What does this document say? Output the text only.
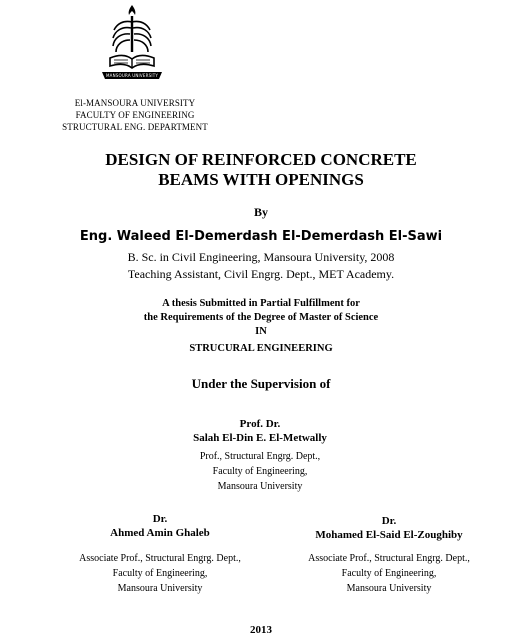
MANSOURA UNIVERSITY
El-MANSOURA UNIVERSITY
FACULTY OF ENGINEERING
STRUCTURAL ENG. DEPARTMENT
DESIGN OF REINFORCED CONCRETE
BEAMS WITH OPENINGS
By
Eng. Waleed El-Demerdash El-Demerdash El-Sawi
B. Sc. in Civil Engineering, Mansoura University, 2008
Teaching Assistant, Civil Engrg. Dept., MET Academy.
A thesis Submitted in Partial Fulfillment for
the Requirements of the Degree of Master of Science
IN
STRUCURAL ENGINEERING
Under the Supervision of
Prof. Dr.
Salah El-Din E. El-Metwally
Prof., Structural Engrg. Dept.,
Faculty of Engineering,
Mansoura University
Dr.
Ahmed Amin Ghaleb
Associate Prof., Structural Engrg. Dept.,
Faculty of Engineering,
Mansoura University
Dr.
Mohamed El-Said El-Zoughiby
Associate Prof., Structural Engrg. Dept.,
Faculty of Engineering,
Mansoura University
2013
